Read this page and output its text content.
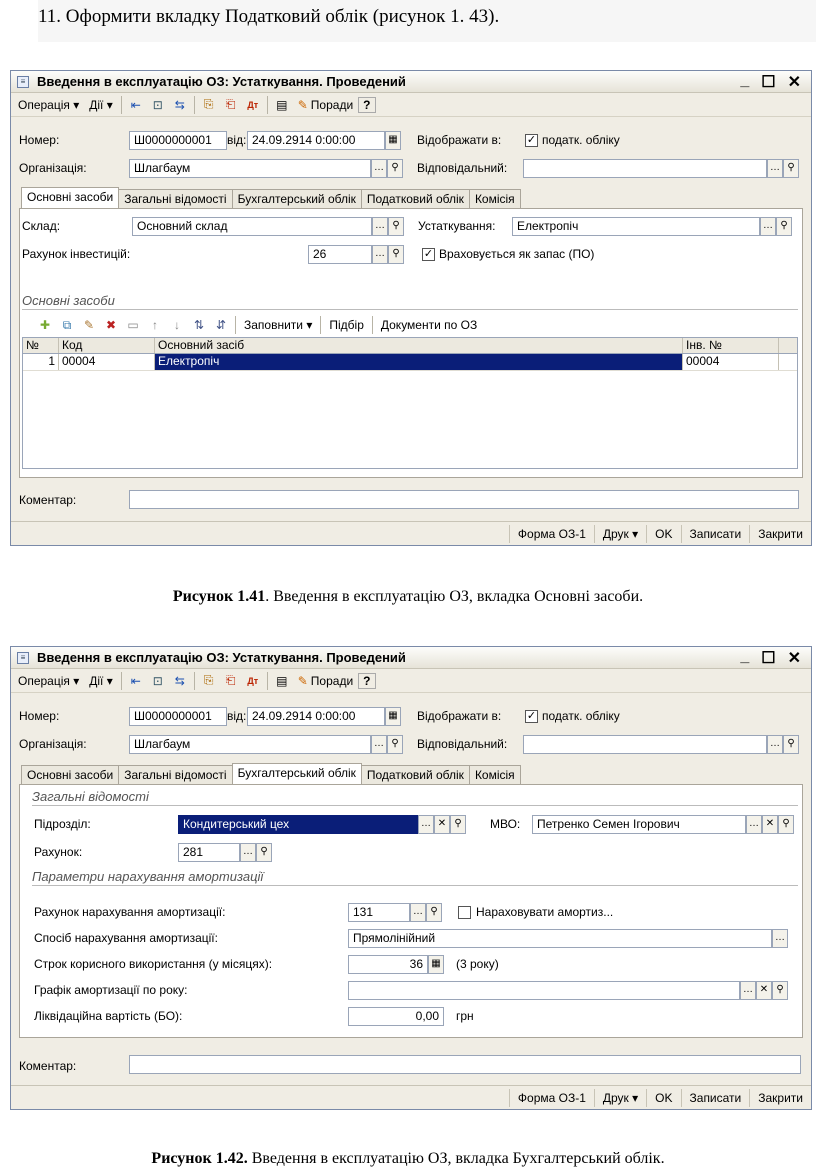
11. Оформити вкладку Податковий облік (рисунок 1. 43).
≡ Введення в експлуатацію ОЗ: Устаткування. Проведений	_ ☐ ✕
Операція ▾ Дії ▾	⇤ ⊡ ⇆	⎘	⎗	Дт	▤ ✎ Поради ?
Номер:	Ш0000000001	від: 24.09.2914 0:00:00	▦ Відображати в: ✓ податк. обліку
Організація:	Шлагбаум	… ⚲	Відповідальний:	… ⚲
Основні засоби Загальні відомості Бухгалтерський облік Податковий облік Комісія
Склад:	Основний склад	… ⚲	Устаткування:	Електропіч	… ⚲
Рахунок інвестицій:	26	… ⚲	✓ Враховується як запас (ПО)
Основні засоби
✚	⧉	✎ ✖ ▭	↑	↓	⇅ ⇵	Заповнити ▾	Підбір	Документи по ОЗ
№	Код	Основний засіб	Інв. №
1 00004	Електропіч	00004
Коментар:
Форма ОЗ-1	Друк ▾	OK	Записати	Закрити
Рисунок 1.41. Введення в експлуатацію ОЗ, вкладка Основні засоби.
≡ Введення в експлуатацію ОЗ: Устаткування. Проведений	_ ☐ ✕
Операція ▾ Дії ▾	⇤ ⊡ ⇆	⎘	⎗	Дт	▤ ✎ Поради ?
Номер:	Ш0000000001	від: 24.09.2914 0:00:00	▦ Відображати в: ✓ податк. обліку
Організація:	Шлагбаум	… ⚲	Відповідальний:	… ⚲
Основні засоби Загальні відомості Бухгалтерський облік Податковий облік Комісія
Загальні відомості
Підрозділ:	Кондитерський цех	… ✕ ⚲	МВО:	Петренко Семен Ігорович	… ✕ ⚲
Рахунок:	281	… ⚲
Параметри нарахування амортизації
Рахунок нарахування амортизації:	131	… ⚲	Нараховувати амортиз...
Спосіб нарахування амортизації:	Прямолінійний	…
Строк корисного використання (у місяцях):	36 ▦ (3 року)
Графік амортизації по року:	… ✕ ⚲
Ліквідаційна вартість (БО):	0,00	грн
Коментар:
Форма ОЗ-1	Друк ▾	OK	Записати	Закрити
Рисунок 1.42. Введення в експлуатацію ОЗ, вкладка Бухгалтерський облік.
